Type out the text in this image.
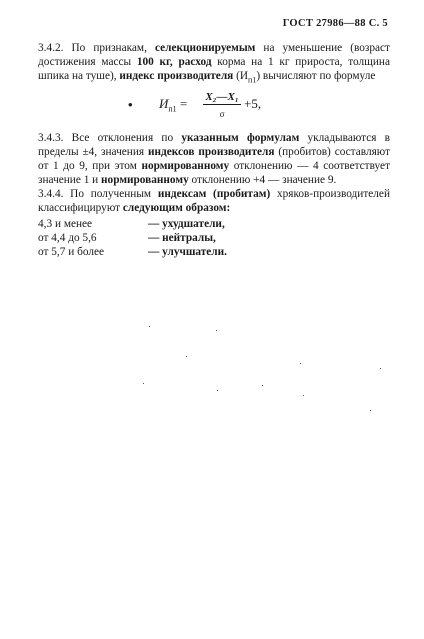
ГОСТ 27986—88 С. 5

3.4.2. По признакам, селекционируемым на уменьшение (возраст достижения массы 100 кг, расход корма на 1 кг прироста, толщина шпика на туше), индекс производителя $(И_{п1})$ вычисляют по формуле

• $И_{п1}$ = X₂—X₁
σ
+5,

3.4.3. Все отклонения по указанным формулам укладываются в пределы ±4, значения индексов производителя (пробитов) составляют от 1 до 9, при этом нормированному отклонению — 4 соответствует значение 1 и нормированному отклонению +4 — значение 9.

3.4.4. По полученным индексам (пробитам) хряков-производителей классифицируют следующим образом:

4,3 и менее	— ухудшатели,
от 4,4 до 5,6	— нейтралы,
от 5,7 и более	— улучшатели.
